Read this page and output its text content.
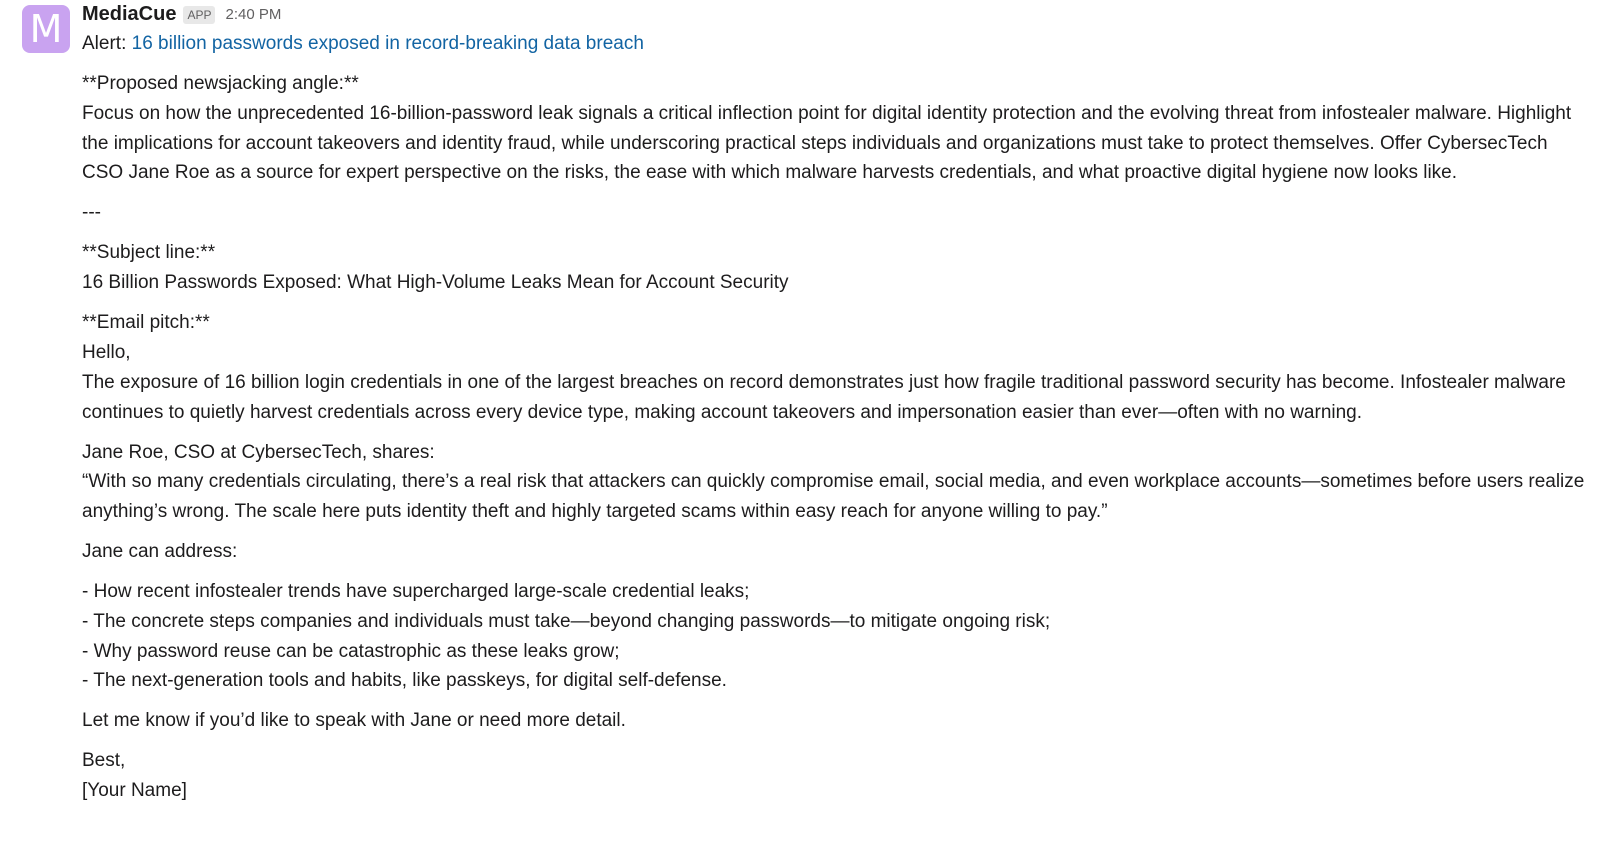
M MediaCue APP 2:40 PM
Alert: 16 billion passwords exposed in record-breaking data breach

**Proposed newsjacking angle:**
Focus on how the unprecedented 16-billion-password leak signals a critical inflection point for digital identity protection and the evolving threat from infostealer malware. Highlight the implications for account takeovers and identity fraud, while underscoring practical steps individuals and organizations must take to protect themselves. Offer CybersecTech CSO Jane Roe as a source for expert perspective on the risks, the ease with which malware harvests credentials, and what proactive digital hygiene now looks like.

---

**Subject line:**
16 Billion Passwords Exposed: What High-Volume Leaks Mean for Account Security

**Email pitch:**
Hello,
The exposure of 16 billion login credentials in one of the largest breaches on record demonstrates just how fragile traditional password security has become. Infostealer malware continues to quietly harvest credentials across every device type, making account takeovers and impersonation easier than ever—often with no warning.

Jane Roe, CSO at CybersecTech, shares:
“With so many credentials circulating, there’s a real risk that attackers can quickly compromise email, social media, and even workplace accounts—sometimes before users realize anything’s wrong. The scale here puts identity theft and highly targeted scams within easy reach for anyone willing to pay.”

Jane can address:

- How recent infostealer trends have supercharged large-scale credential leaks;
- The concrete steps companies and individuals must take—beyond changing passwords—to mitigate ongoing risk;
- Why password reuse can be catastrophic as these leaks grow;
- The next-generation tools and habits, like passkeys, for digital self-defense.

Let me know if you’d like to speak with Jane or need more detail.

Best,
[Your Name]
